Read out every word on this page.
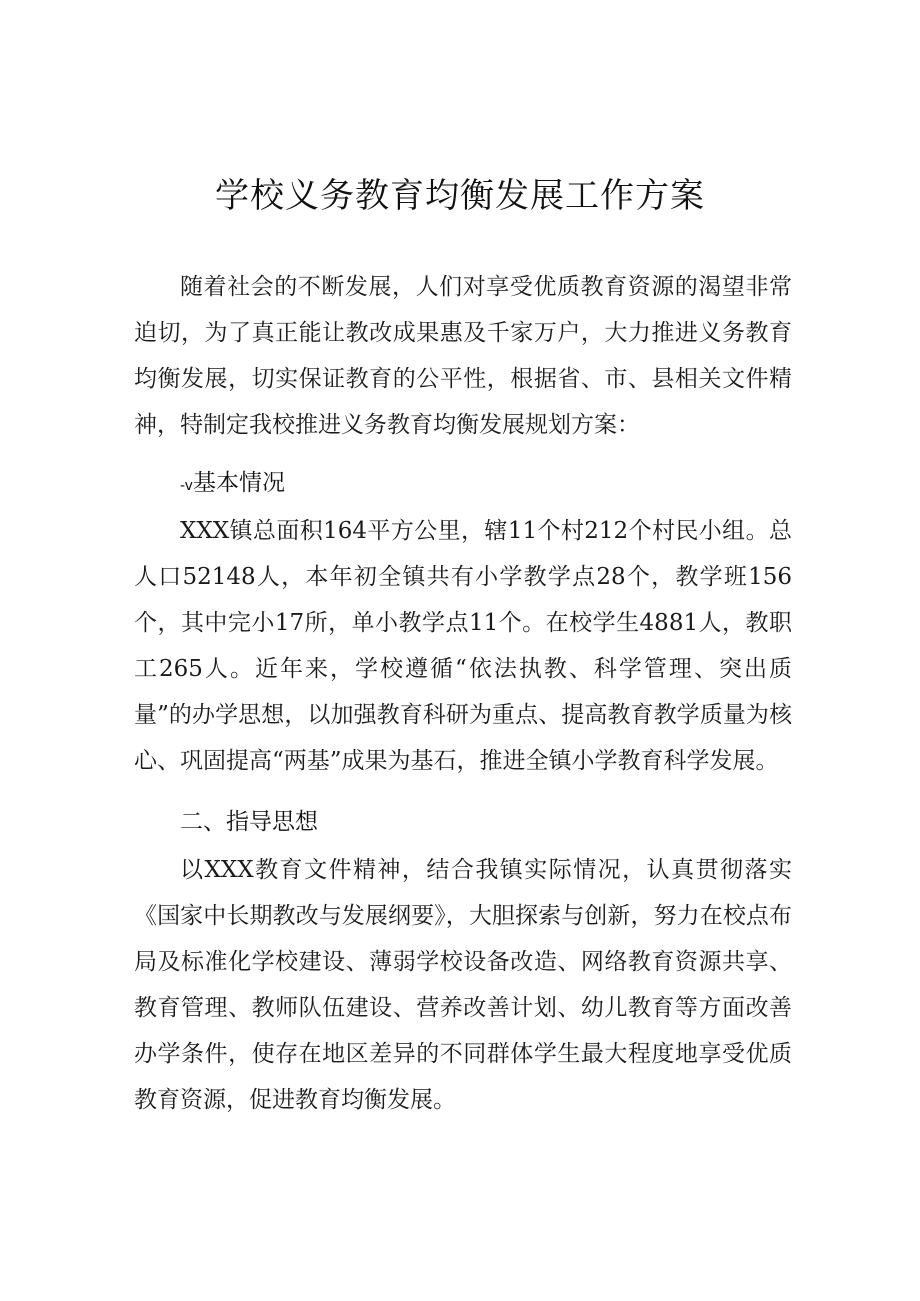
学校义务教育均衡发展工作方案
随着社会的不断发展，人们对享受优质教育资源的渴望非常迫切，为了真正能让教改成果惠及千家万户，大力推进义务教育均衡发展，切实保证教育的公平性，根据省、市、县相关文件精神，特制定我校推进义务教育均衡发展规划方案：
-v基本情况
XXX镇总面积164平方公里，辖11个村212个村民小组。总人口52148人，本年初全镇共有小学教学点28个，教学班156个，其中完小17所，单小教学点11个。在校学生4881人，教职工265人。近年来，学校遵循“依法执教、科学管理、突出质量”的办学思想，以加强教育科研为重点、提高教育教学质量为核心、巩固提高“两基”成果为基石，推进全镇小学教育科学发展。
二、指导思想
以XXX教育文件精神，结合我镇实际情况，认真贯彻落实《国家中长期教改与发展纲要》，大胆探索与创新，努力在校点布局及标准化学校建设、薄弱学校设备改造、网络教育资源共享、教育管理、教师队伍建设、营养改善计划、幼儿教育等方面改善办学条件，使存在地区差异的不同群体学生最大程度地享受优质教育资源，促进教育均衡发展。
